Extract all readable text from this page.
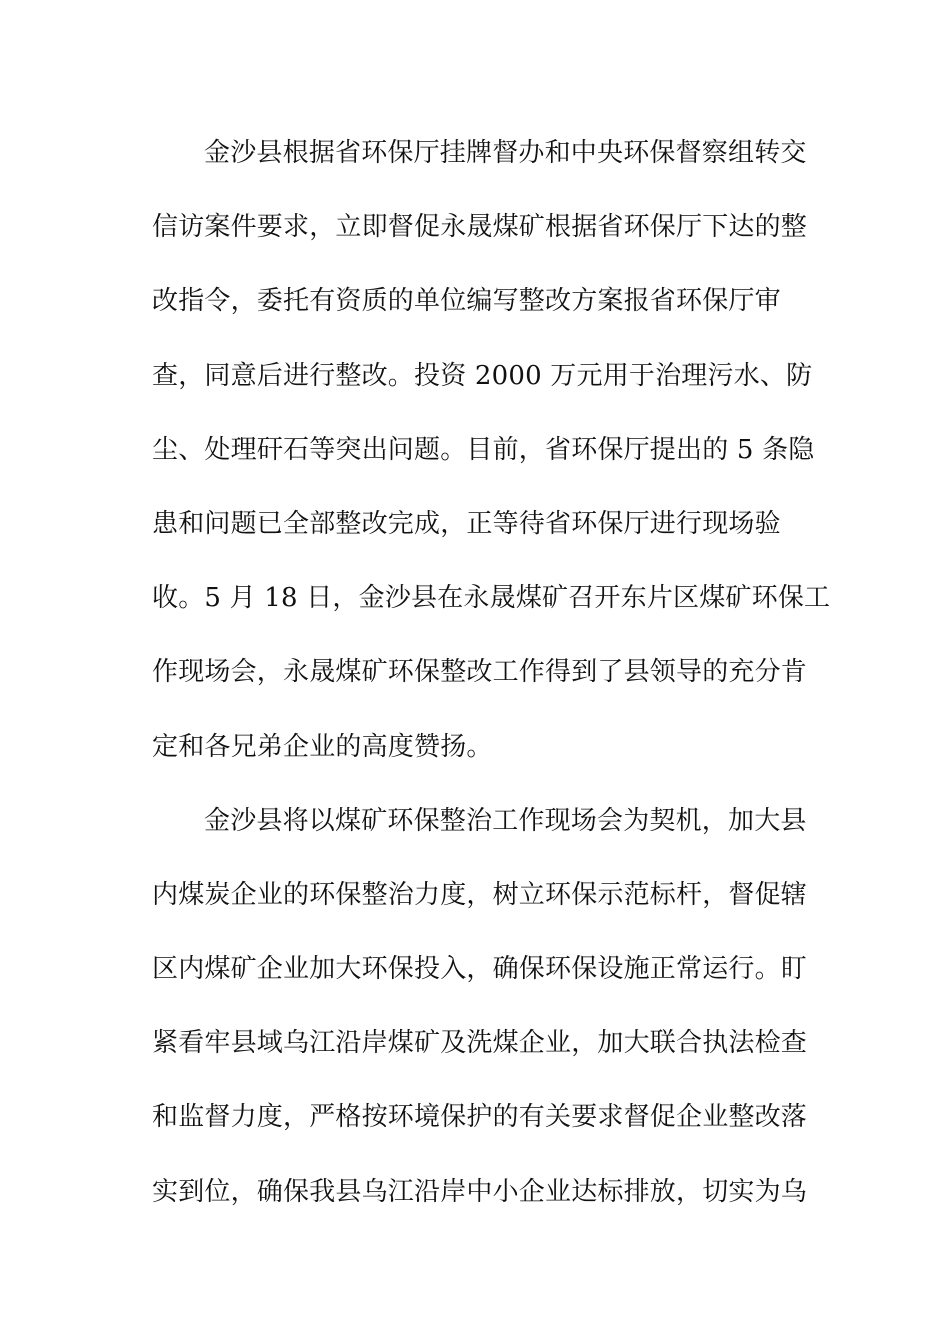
金沙县根据省环保厅挂牌督办和中央环保督察组转交
信访案件要求，立即督促永晟煤矿根据省环保厅下达的整
改指令，委托有资质的单位编写整改方案报省环保厅审
查，同意后进行整改。投资 2000 万元用于治理污水、防
尘、处理矸石等突出问题。目前，省环保厅提出的 5 条隐
患和问题已全部整改完成，正等待省环保厅进行现场验
收。5 月 18 日，金沙县在永晟煤矿召开东片区煤矿环保工
作现场会，永晟煤矿环保整改工作得到了县领导的充分肯
定和各兄弟企业的高度赞扬。
金沙县将以煤矿环保整治工作现场会为契机，加大县
内煤炭企业的环保整治力度，树立环保示范标杆，督促辖
区内煤矿企业加大环保投入，确保环保设施正常运行。盯
紧看牢县域乌江沿岸煤矿及洗煤企业，加大联合执法检查
和监督力度，严格按环境保护的有关要求督促企业整改落
实到位，确保我县乌江沿岸中小企业达标排放，切实为乌
